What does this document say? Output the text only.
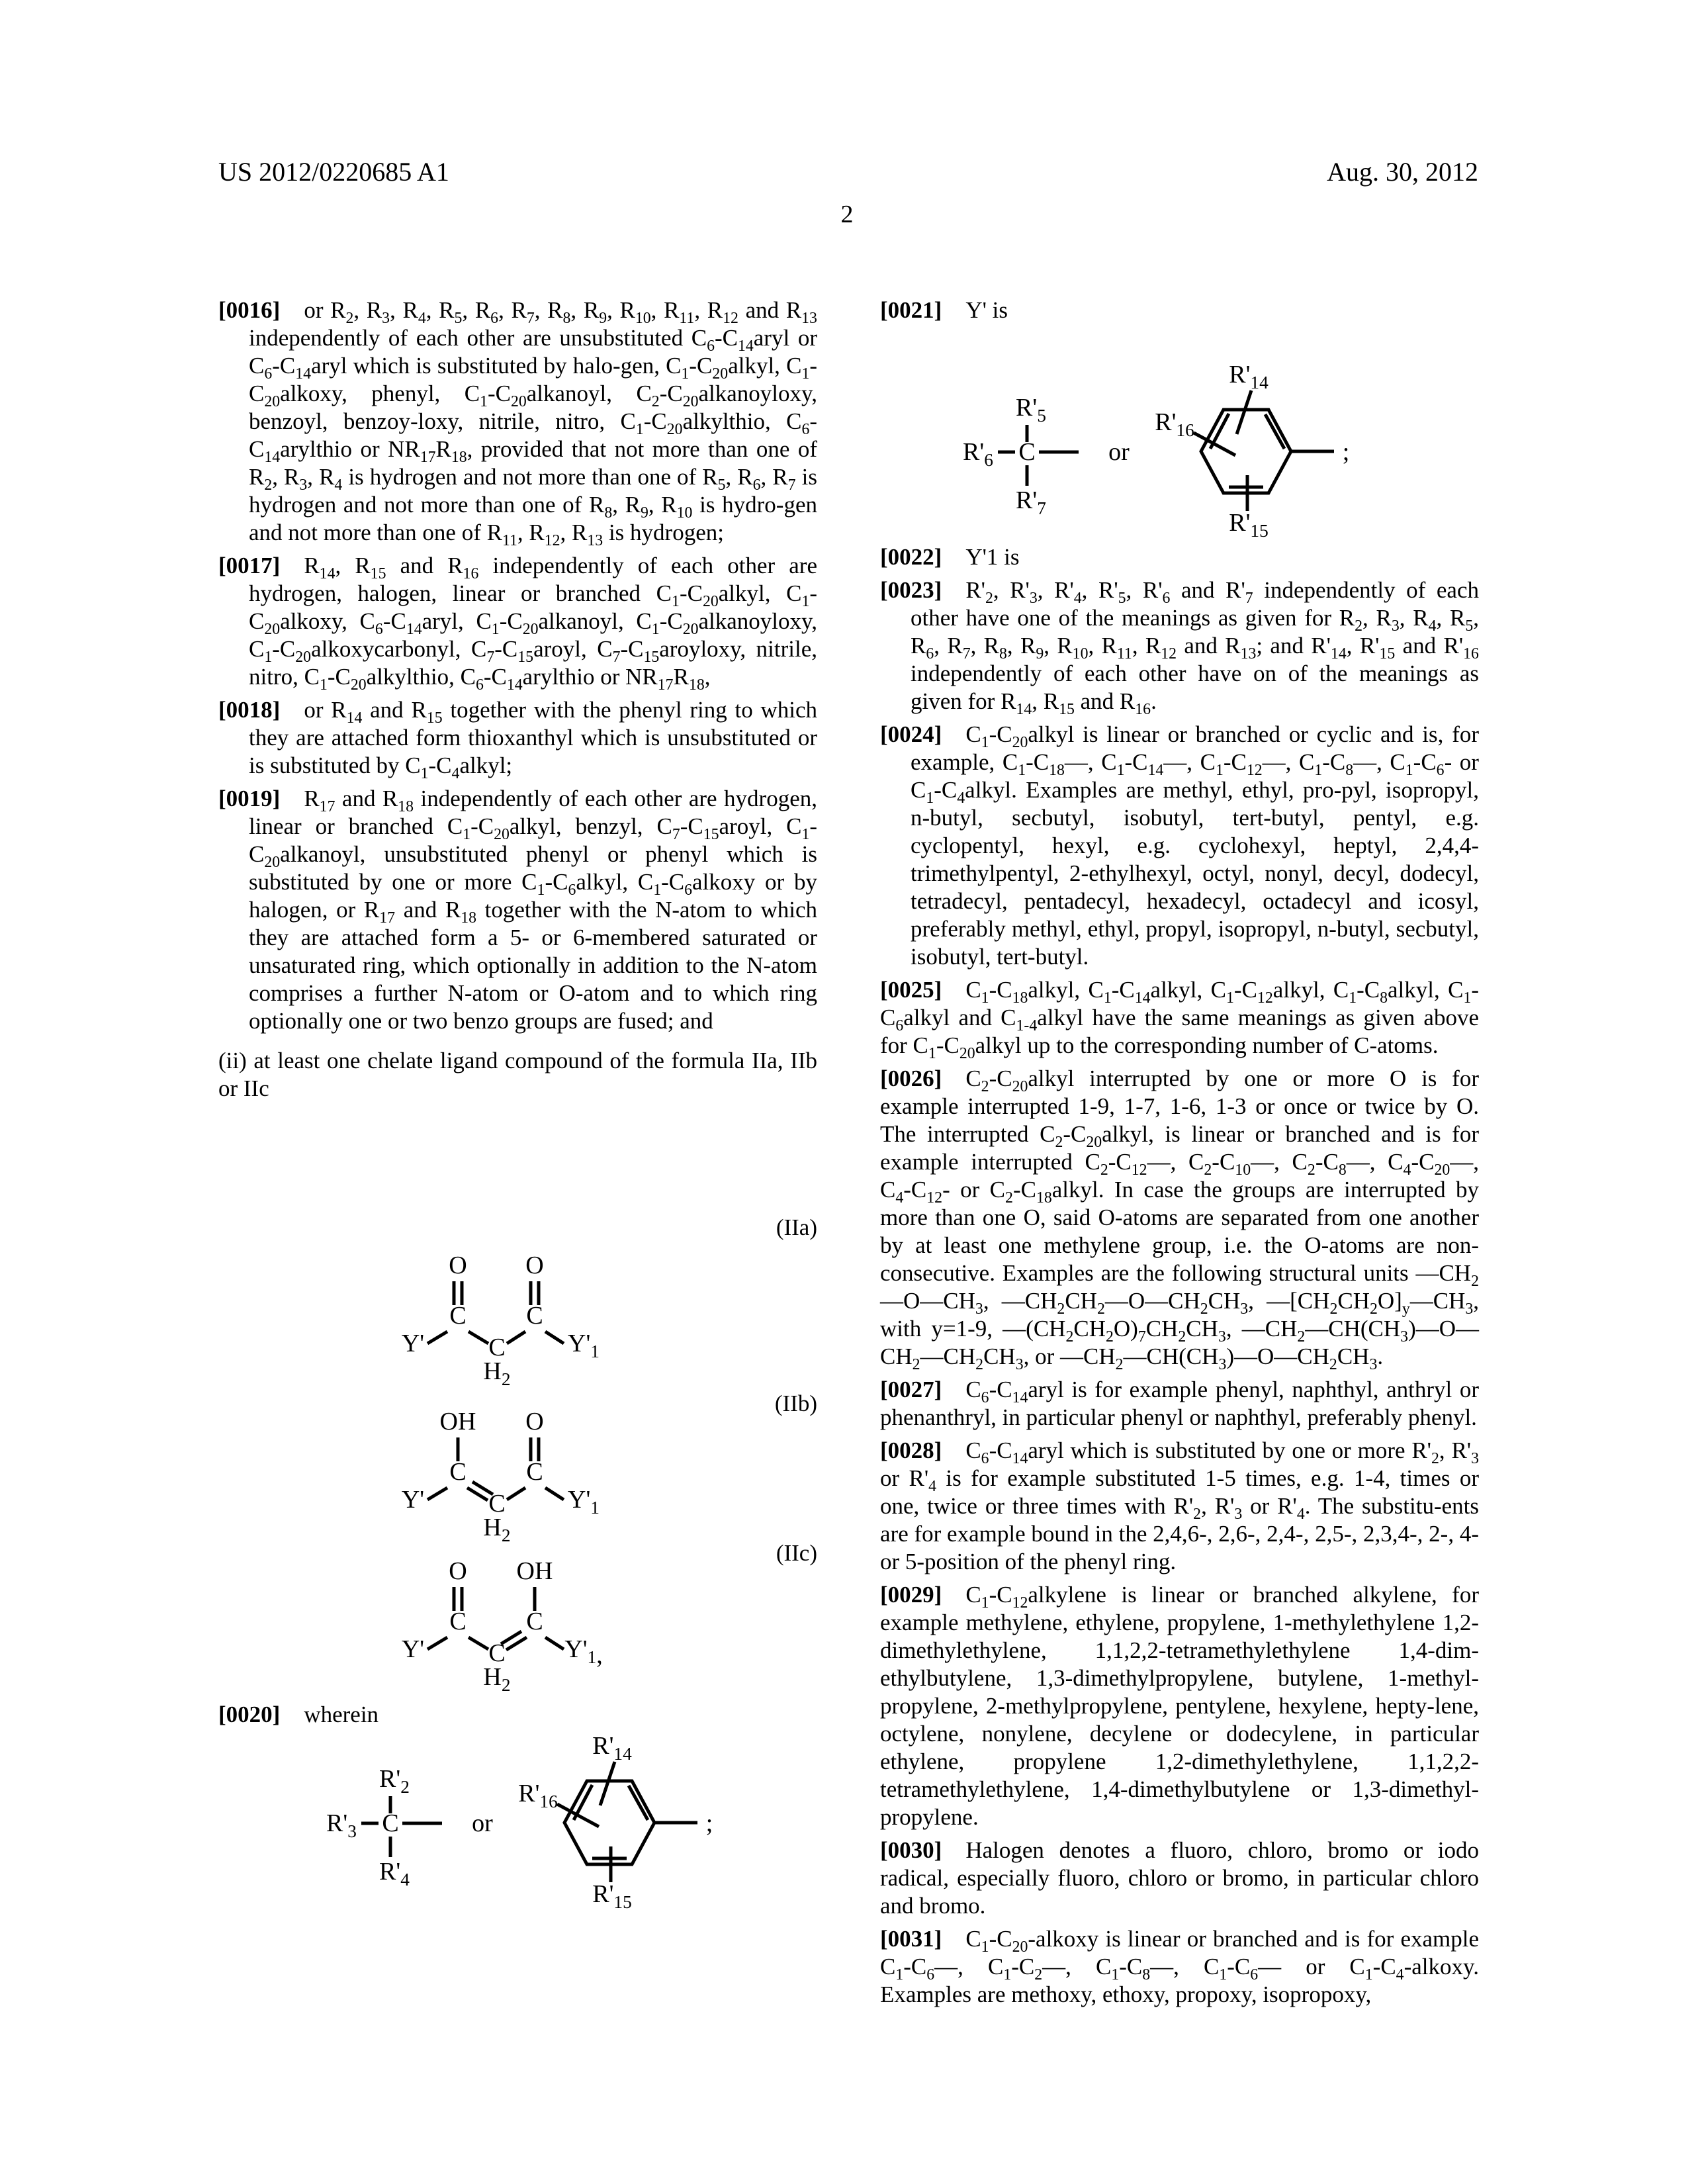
US 2012/0220685 A1	Aug. 30, 2012
2

[0016] or $R_2$, $R_3$, $R_4$, $R_5$, $R_6$, $R_7$, $R_8$, $R_9$, $R_{10}$, $R_{11}$, $R_{12}$ and $R_{13}$ independently of each other are unsubstituted $C_6-C_{14}aryl$ or $C_6-C_{14}aryl$ which is substituted by halo-gen, $C_1-C_{20}alkyl$, $C_1-C_{20}alkoxy$, phenyl, $C_1-C_{20}alkanoyl$, $C_2-C_{20}alkanoyloxy$, benzoyl, benzoy-loxy, nitrile, nitro, $C_1-C_{20}alkylthio$, $C_6-C_{14}arylthio$ or $NR_{17}R_{18}$, provided that not more than one of $R_2$, $R_3$, $R_4$ is hydrogen and not more than one of $R_5$, $R_6$, $R_7$ is hydrogen and not more than one of $R_8$, $R_9$, $R_{10}$ is hydro-gen and not more than one of $R_{11}$, $R_{12}$, $R_{13}$ is hydrogen;

[0017] $R_{14}$, $R_{15}$ and $R_{16}$ independently of each other are hydrogen, halogen, linear or branched $C_1-C_{20}alkyl$, $C_1-C_{20}alkoxy$, $C_6-C_{14}aryl$, $C_1-C_{20}alkanoyl$, $C_1-C_{20}alkanoyloxy$, $C_1-C_{20}alkoxycarbonyl$, $C_7-C_{15}aroyl$, $C_7-C_{15}aroyloxy$, nitrile, nitro, $C_1-C_{20}alkylthio$, $C_6-C_{14}arylthio$ or $NR_{17}R_{18}$,

[0018] or $R_{14}$ and $R_{15}$ together with the phenyl ring to which they are attached form thioxanthyl which is unsubstituted or is substituted by $C_1-C_4alkyl$;

[0019] $R_{17}$ and $R_{18}$ independently of each other are hydrogen, linear or branched $C_1-C_{20}alkyl$, benzyl, $C_7-C_{15}aroyl$, $C_1-C_{20}alkanoyl$, unsubstituted phenyl or phenyl which is substituted by one or more $C_1-C_6alkyl$, $C_1-C_6alkoxy$ or by halogen, or $R_{17}$ and $R_{18}$ together with the N-atom to which they are attached form a 5- or 6-membered saturated or unsaturated ring, which optionally in addition to the N-atom comprises a further N-atom or O-atom and to which ring optionally one or two benzo groups are fused; and

(ii) at least one chelate ligand compound of the formula IIa, IIb or IIc

(IIa)
O O
C C
C
$H_2$
Y'	$Y'_1$
(IIb)
OH O
C C
C
$H_2$
Y'	$Y'_1$
(IIc)
O OH
C C
C
$H_2$
Y'	$Y'_1$,

[0020] wherein

$R'_2$
$R'_3$ C
$R'_4$
or
$R'_{14}$
$R'_{16}$
$R'_{15}$
;

[0021] Y' is

$R'_5$
$R'_6$ C
$R'_7$
or
$R'_{14}$
$R'_{16}$
$R'_{15}$
;

[0022] Y'1 is

[0023] $R'_2$, $R'_3$, $R'_4$, $R'_5$, $R'_6$ and $R'_7$ independently of each other have one of the meanings as given for $R_2$, $R_3$, $R_4$, $R_5$, $R_6$, $R_7$, $R_8$, $R_9$, $R_{10}$, $R_{11}$, $R_{12}$ and $R_{13}$; and $R'_{14}$, $R'_{15}$ and $R'_{16}$ independently of each other have on of the meanings as given for $R_{14}$, $R_{15}$ and $R_{16}$.

[0024] $C_1-C_{20}alkyl$ is linear or branched or cyclic and is, for example, $C_1-C_{18}—$, $C_1-C_{14}—$, $C_1-C_{12}—$, $C_1-C_8—$, $C_1-C_6-$ or $C_1-C_4alkyl$. Examples are methyl, ethyl, pro-pyl, isopropyl, n-butyl, secbutyl, isobutyl, tert-butyl, pentyl, e.g. cyclopentyl, hexyl, e.g. cyclohexyl, heptyl, 2,4,4-trimethylpentyl, 2-ethylhexyl, octyl, nonyl, decyl, dodecyl, tetradecyl, pentadecyl, hexadecyl, octadecyl and icosyl, preferably methyl, ethyl, propyl, isopropyl, n-butyl, secbutyl, isobutyl, tert-butyl.

[0025] $C_1-C_{18}alkyl$, $C_1-C_{14}alkyl$, $C_1-C_{12}alkyl$, $C_1-C_8alkyl$, $C_1-C_6alkyl$ and $C_{1-4}alkyl$ have the same meanings as given above for $C_1-C_{20}alkyl$ up to the corresponding number of C-atoms.

[0026] $C_2-C_{20}alkyl$ interrupted by one or more O is for example interrupted 1-9, 1-7, 1-6, 1-3 or once or twice by O. The interrupted $C_2-C_{20}alkyl$, is linear or branched and is for example interrupted $C_2-C_{12}—$, $C_2-C_{10}—$, $C_2-C_8—$, $C_4-C_{20}—$, $C_4-C_{12}-$ or $C_2-C_{18}alkyl$. In case the groups are interrupted by more than one O, said O-atoms are separated from one another by at least one methylene group, i.e. the O-atoms are non-consecutive. Examples are the following structural units $—CH_2—O—CH_3$, $—CH_2CH_2—O—CH_2CH_3$, $—[CH_2CH_2O]_y—CH_3$, with y=1-9, $—(CH_2CH_2O)_7CH_2CH_3$, $—CH_2—CH(CH_3)—O—CH_2—CH_2CH_3$, or $—CH_2—CH(CH_3)—O—CH_2CH_3$.

[0027] $C_6-C_{14}aryl$ is for example phenyl, naphthyl, anthryl or phenanthryl, in particular phenyl or naphthyl, preferably phenyl.

[0028] $C_6-C_{14}aryl$ which is substituted by one or more $R'_2$, $R'_3$ or $R'_4$ is for example substituted 1-5 times, e.g. 1-4, times or one, twice or three times with $R'_2$, $R'_3$ or $R'_4$. The substitu-ents are for example bound in the 2,4,6-, 2,6-, 2,4-, 2,5-, 2,3,4-, 2-, 4- or 5-position of the phenyl ring.

[0029] $C_1-C_{12}alkylene$ is linear or branched alkylene, for example methylene, ethylene, propylene, 1-methylethylene 1,2-dimethylethylene, 1,1,2,2-tetramethylethylene 1,4-dim-ethylbutylene, 1,3-dimethylpropylene, butylene, 1-methyl-propylene, 2-methylpropylene, pentylene, hexylene, hepty-lene, octylene, nonylene, decylene or dodecylene, in particular ethylene, propylene 1,2-dimethylethylene, 1,1,2,2-tetramethylethylene, 1,4-dimethylbutylene or 1,3-dimethyl-propylene.

[0030] Halogen denotes a fluoro, chloro, bromo or iodo radical, especially fluoro, chloro or bromo, in particular chloro and bromo.

[0031] $C_1-C_{20}$-alkoxy is linear or branched and is for example $C_1-C_6—$, $C_1-C_2—$, $C_1-C_8—$, $C_1-C_6—$ or $C_1-C_4$-alkoxy. Examples are methoxy, ethoxy, propoxy, isopropoxy,
